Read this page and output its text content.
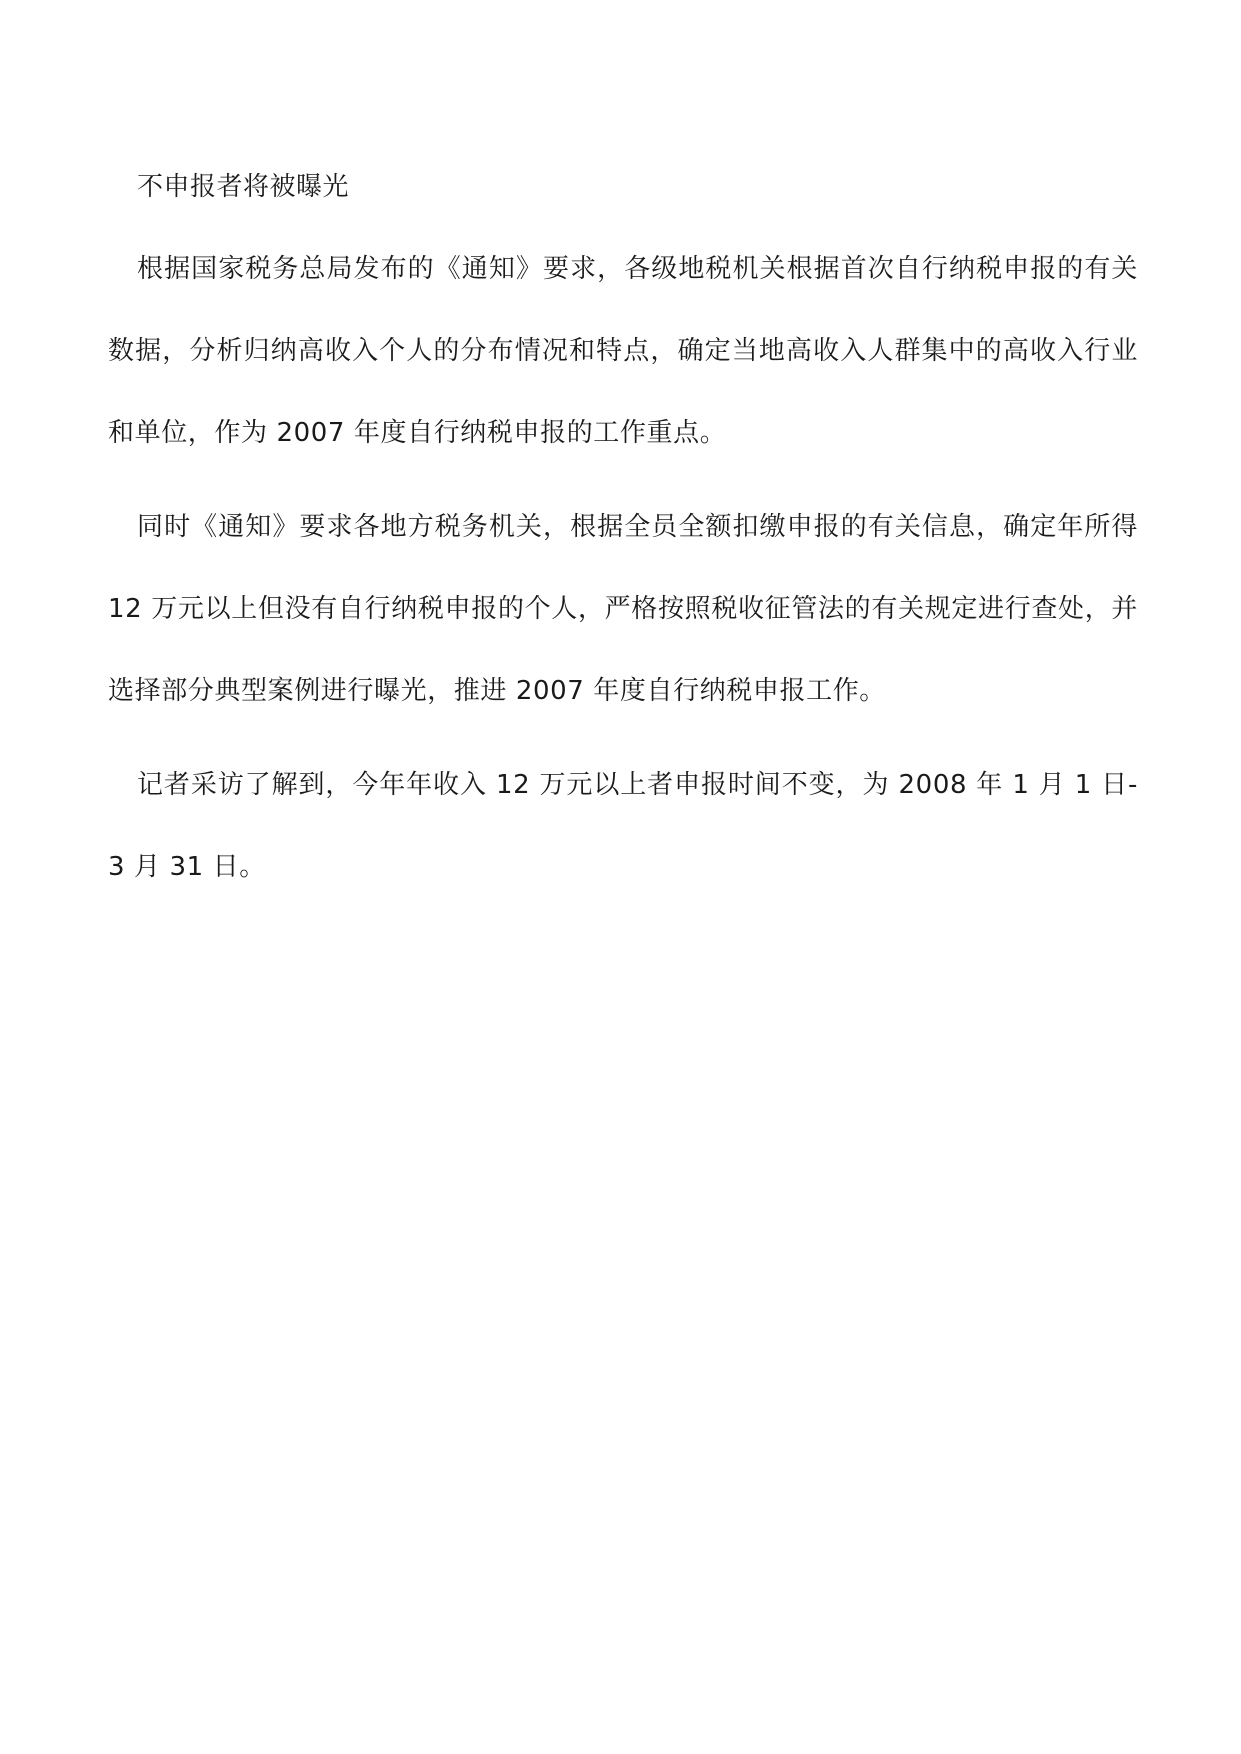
不申报者将被曝光

根据国家税务总局发布的《通知》要求，各级地税机关根据首次自行纳税申报的有关数据，分析归纳高收入个人的分布情况和特点，确定当地高收入人群集中的高收入行业和单位，作为 2007 年度自行纳税申报的工作重点。

同时《通知》要求各地方税务机关，根据全员全额扣缴申报的有关信息，确定年所得 12 万元以上但没有自行纳税申报的个人，严格按照税收征管法的有关规定进行查处，并选择部分典型案例进行曝光，推进 2007 年度自行纳税申报工作。

记者采访了解到，今年年收入 12 万元以上者申报时间不变，为 2008 年 1 月 1 日-3 月 31 日。
